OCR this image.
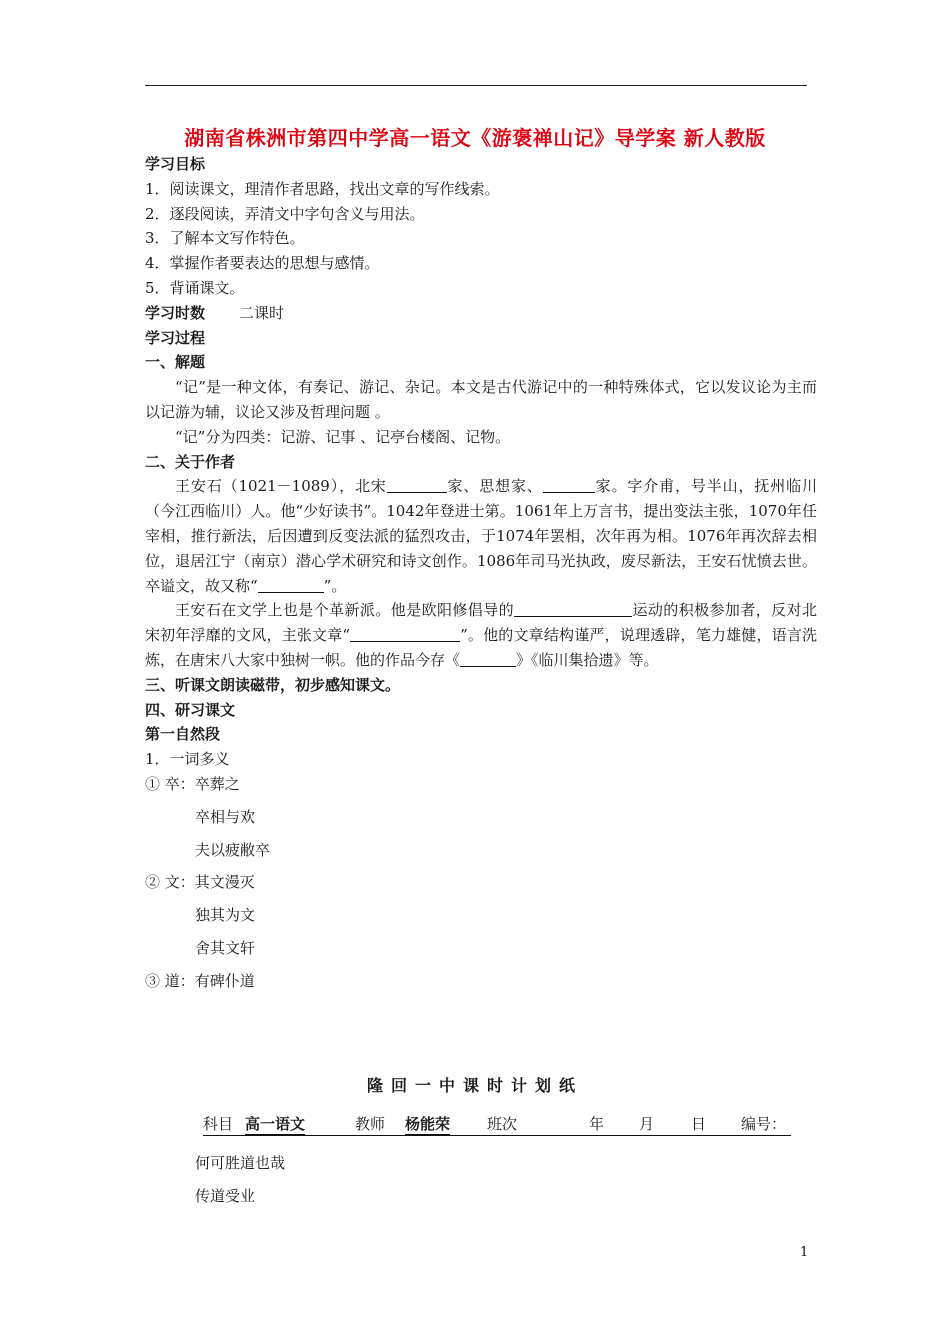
湖南省株洲市第四中学高一语文《游褒禅山记》导学案 新人教版

学习目标

1．阅读课文，理清作者思路，找出文章的写作线索。

2．逐段阅读，弄清文中字句含义与用法。

3．了解本文写作特色。

4．掌握作者要表达的思想与感情。

5．背诵课文。

学习时数 二课时

学习过程

一、解题

“记”是一种文体，有奏记、游记、杂记。本文是古代游记中的一种特殊体式，它以发议论为主而以记游为辅，议论又涉及哲理问题 。

“记”分为四类：记游、记事 、记亭台楼阁、记物。

二、关于作者

王安石（1021－1089），北宋	家、思想家、	家。字介甫，号半山，抚州临川（今江西临川）人。他“少好读书”。1042年登进士第。1061年上万言书，提出变法主张，1070年任宰相，推行新法，后因遭到反变法派的猛烈攻击，于1074年罢相，次年再为相。1076年再次辞去相位，退居江宁（南京）潜心学术研究和诗文创作。1086年司马光执政，废尽新法，王安石忧愤去世。卒谥文，故又称“	”。

王安石在文学上也是个革新派。他是欧阳修倡导的	运动的积极参加者，反对北宋初年浮靡的文风，主张文章“	”。他的文章结构谨严，说理透辟，笔力雄健，语言洗炼，在唐宋八大家中独树一帜。他的作品今存《	》《临川集拾遗》等。

三、听课文朗读磁带，初步感知课文。

四、研习课文

第一自然段

1．一词多义

① 卒：卒葬之

卒相与欢

夫以疲敝卒

② 文：其文漫灭

独其为文

舍其文轩

③ 道：有碑仆道

隆回一中课时计划纸
科目 高一语文	教师 杨能荣 班次	年 月 日 编号：
何可胜道也哉
传道受业
1
